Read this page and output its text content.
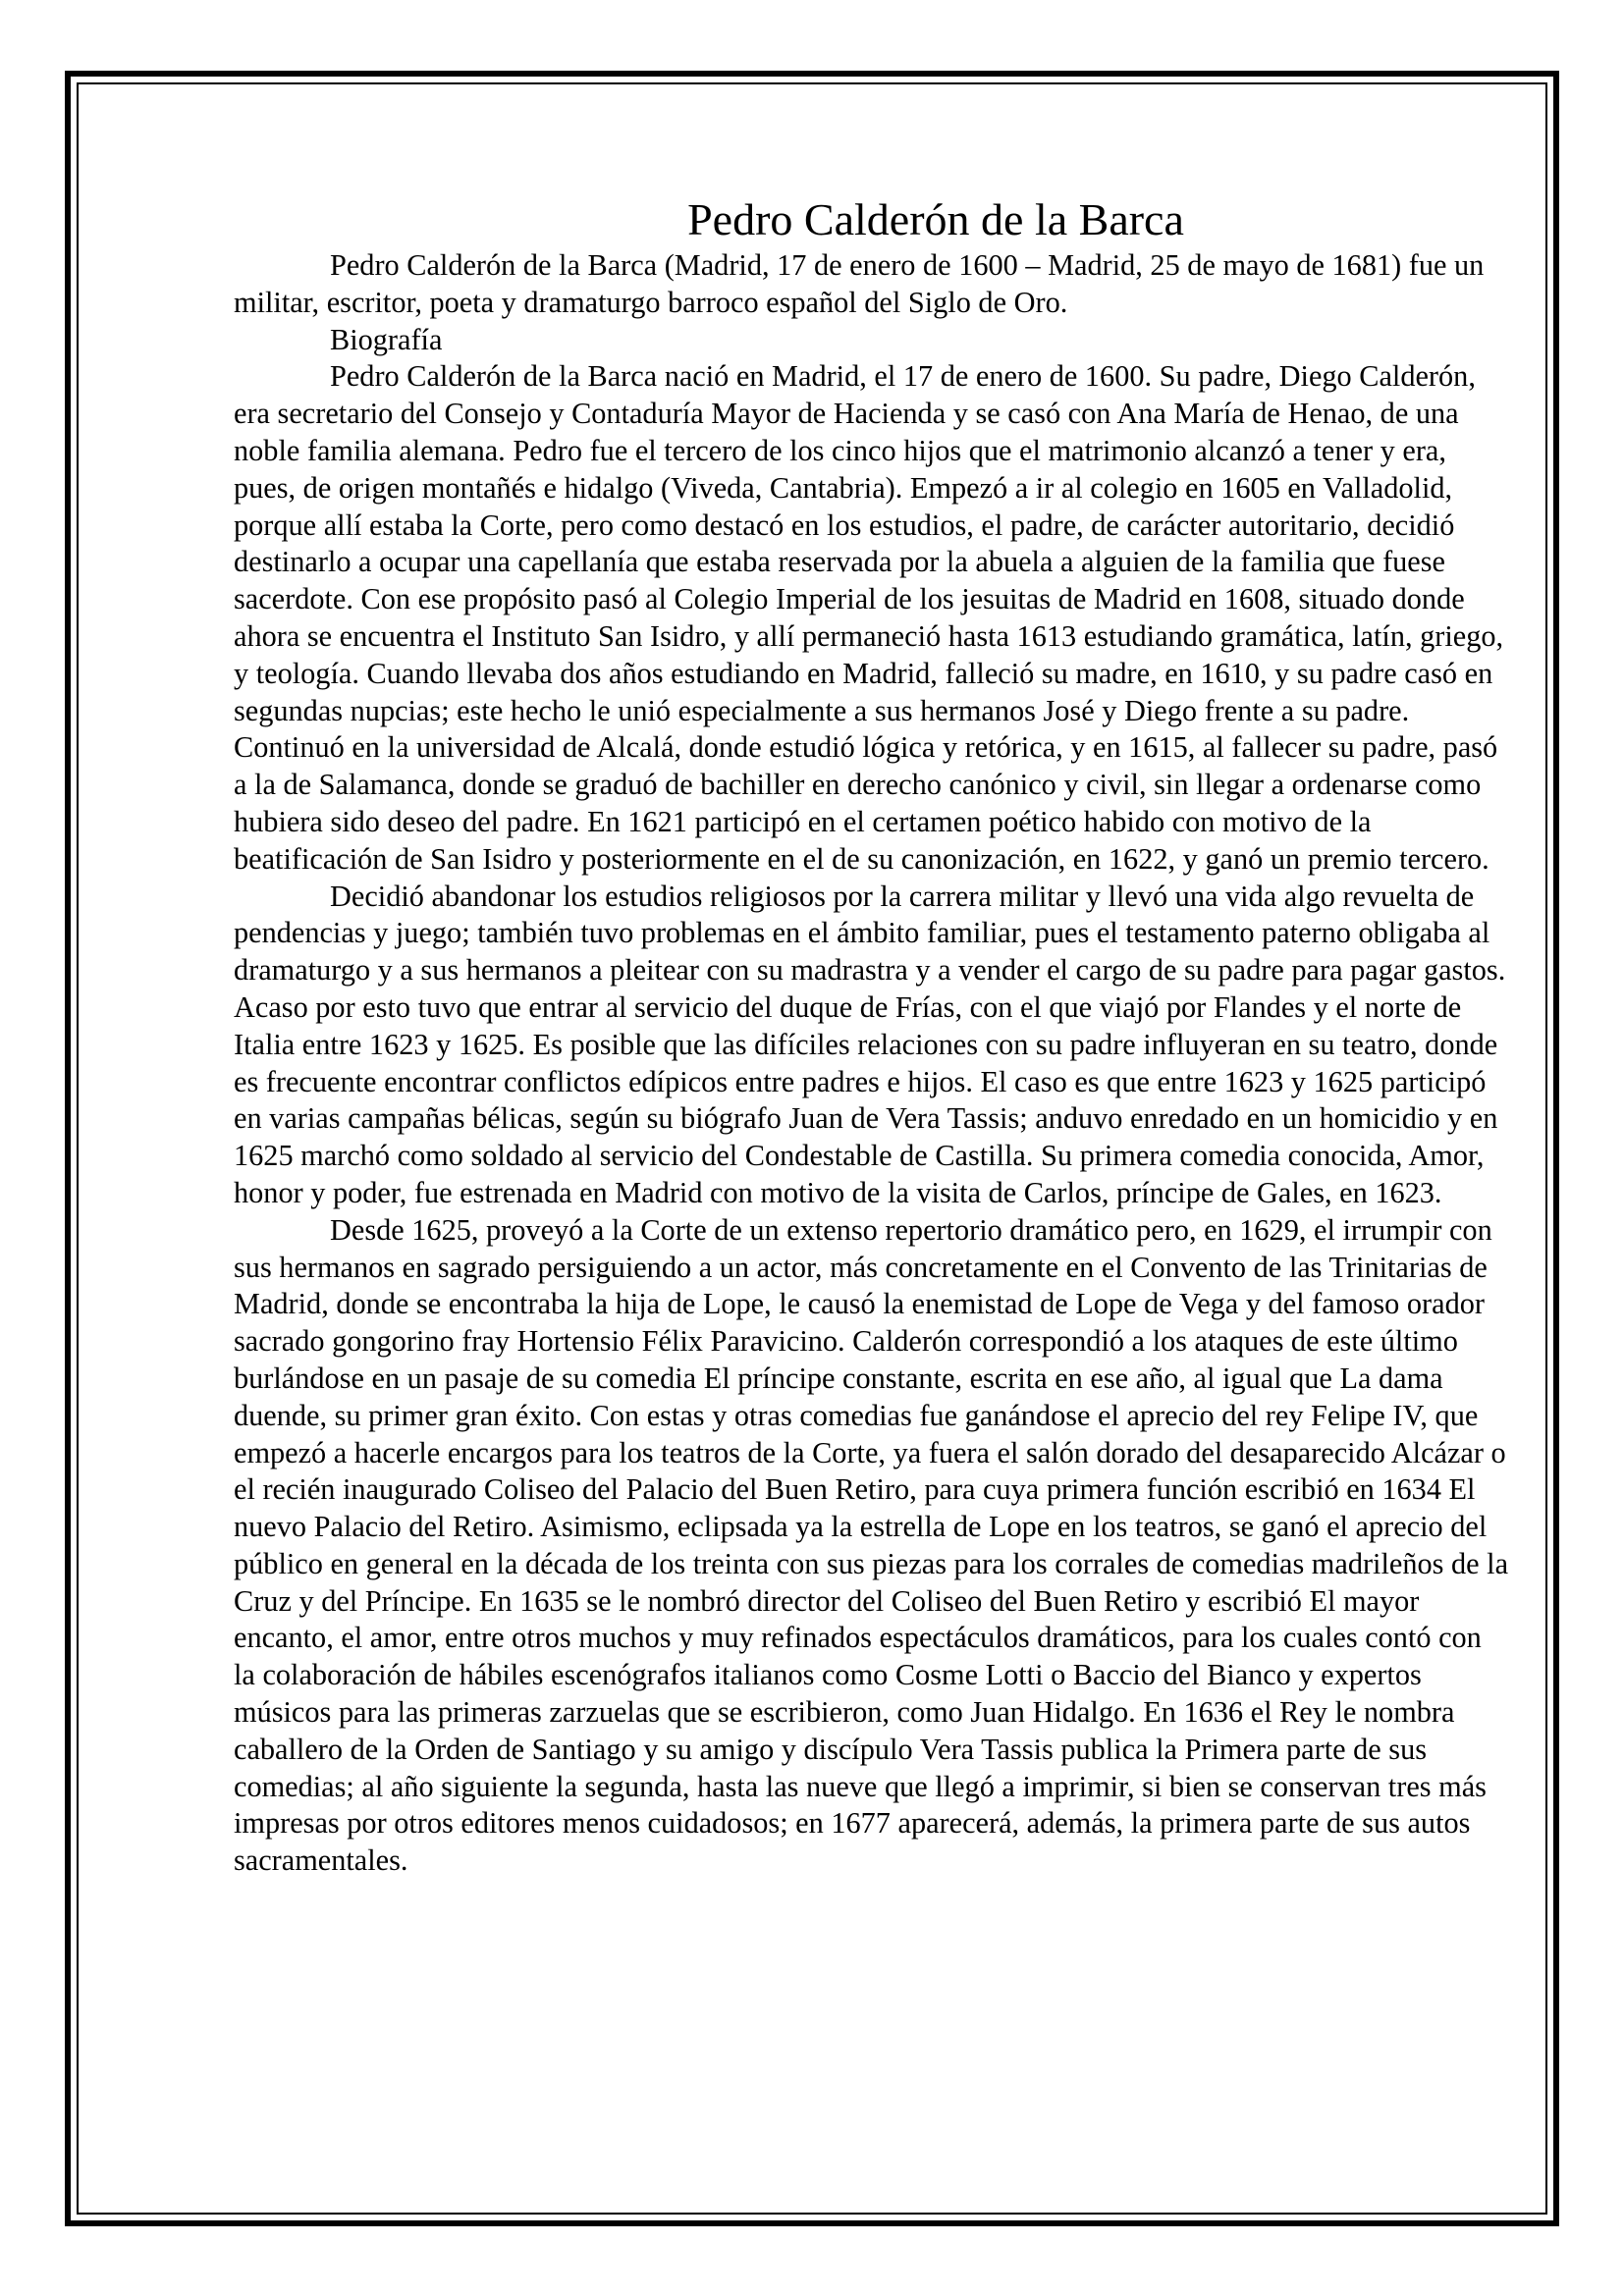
Pedro Calderón de la Barca

Pedro Calderón de la Barca (Madrid, 17 de enero de 1600 – Madrid, 25 de mayo de 1681) fue un militar, escritor, poeta y dramaturgo barroco español del Siglo de Oro.

Biografía

Pedro Calderón de la Barca nació en Madrid, el 17 de enero de 1600. Su padre, Diego Calderón, era secretario del Consejo y Contaduría Mayor de Hacienda y se casó con Ana María de Henao, de una noble familia alemana. Pedro fue el tercero de los cinco hijos que el matrimonio alcanzó a tener y era, pues, de origen montañés e hidalgo (Viveda, Cantabria). Empezó a ir al colegio en 1605 en Valladolid, porque allí estaba la Corte, pero como destacó en los estudios, el padre, de carácter autoritario, decidió destinarlo a ocupar una capellanía que estaba reservada por la abuela a alguien de la familia que fuese sacerdote. Con ese propósito pasó al Colegio Imperial de los jesuitas de Madrid en 1608, situado donde ahora se encuentra el Instituto San Isidro, y allí permaneció hasta 1613 estudiando gramática, latín, griego, y teología. Cuando llevaba dos años estudiando en Madrid, falleció su madre, en 1610, y su padre casó en segundas nupcias; este hecho le unió especialmente a sus hermanos José y Diego frente a su padre. Continuó en la universidad de Alcalá, donde estudió lógica y retórica, y en 1615, al fallecer su padre, pasó a la de Salamanca, donde se graduó de bachiller en derecho canónico y civil, sin llegar a ordenarse como hubiera sido deseo del padre. En 1621 participó en el certamen poético habido con motivo de la beatificación de San Isidro y posteriormente en el de su canonización, en 1622, y ganó un premio tercero.

Decidió abandonar los estudios religiosos por la carrera militar y llevó una vida algo revuelta de pendencias y juego; también tuvo problemas en el ámbito familiar, pues el testamento paterno obligaba al dramaturgo y a sus hermanos a pleitear con su madrastra y a vender el cargo de su padre para pagar gastos. Acaso por esto tuvo que entrar al servicio del duque de Frías, con el que viajó por Flandes y el norte de Italia entre 1623 y 1625. Es posible que las difíciles relaciones con su padre influyeran en su teatro, donde es frecuente encontrar conflictos edípicos entre padres e hijos. El caso es que entre 1623 y 1625 participó en varias campañas bélicas, según su biógrafo Juan de Vera Tassis; anduvo enredado en un homicidio y en 1625 marchó como soldado al servicio del Condestable de Castilla. Su primera comedia conocida, Amor, honor y poder, fue estrenada en Madrid con motivo de la visita de Carlos, príncipe de Gales, en 1623.

Desde 1625, proveyó a la Corte de un extenso repertorio dramático pero, en 1629, el irrumpir con sus hermanos en sagrado persiguiendo a un actor, más concretamente en el Convento de las Trinitarias de Madrid, donde se encontraba la hija de Lope, le causó la enemistad de Lope de Vega y del famoso orador sacrado gongorino fray Hortensio Félix Paravicino. Calderón correspondió a los ataques de este último burlándose en un pasaje de su comedia El príncipe constante, escrita en ese año, al igual que La dama duende, su primer gran éxito. Con estas y otras comedias fue ganándose el aprecio del rey Felipe IV, que empezó a hacerle encargos para los teatros de la Corte, ya fuera el salón dorado del desaparecido Alcázar o el recién inaugurado Coliseo del Palacio del Buen Retiro, para cuya primera función escribió en 1634 El nuevo Palacio del Retiro. Asimismo, eclipsada ya la estrella de Lope en los teatros, se ganó el aprecio del público en general en la década de los treinta con sus piezas para los corrales de comedias madrileños de la Cruz y del Príncipe. En 1635 se le nombró director del Coliseo del Buen Retiro y escribió El mayor encanto, el amor, entre otros muchos y muy refinados espectáculos dramáticos, para los cuales contó con la colaboración de hábiles escenógrafos italianos como Cosme Lotti o Baccio del Bianco y expertos músicos para las primeras zarzuelas que se escribieron, como Juan Hidalgo. En 1636 el Rey le nombra caballero de la Orden de Santiago y su amigo y discípulo Vera Tassis publica la Primera parte de sus comedias; al año siguiente la segunda, hasta las nueve que llegó a imprimir, si bien se conservan tres más impresas por otros editores menos cuidadosos; en 1677 aparecerá, además, la primera parte de sus autos sacramentales.
